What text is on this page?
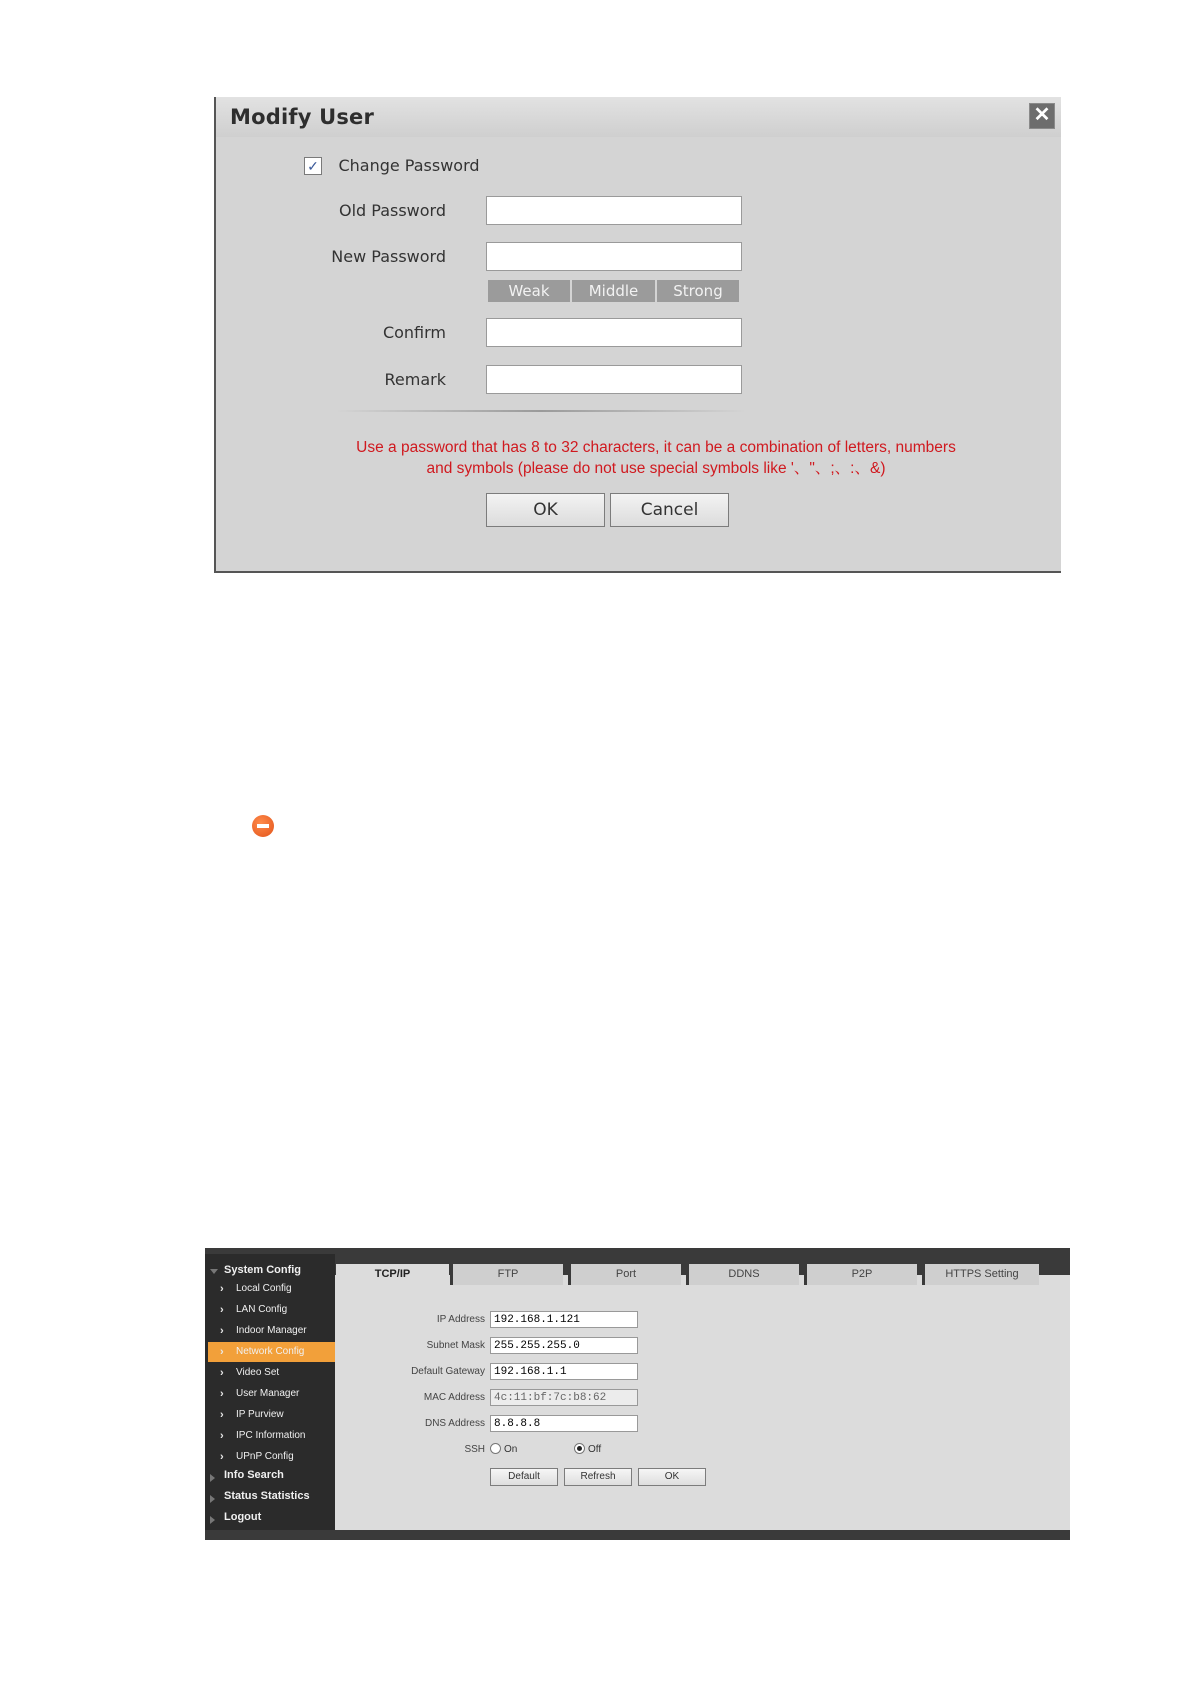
Modify User	✕
✓ Change Password
Old Password
New Password
Weak	Middle Strong
Confirm
Remark
Use a password that has 8 to 32 characters, it can be a combination of letters, numbers
and symbols (please do not use special symbols like '、"、;、:、&)
OK	Cancel
System Config
› Local Config
› LAN Config
› Indoor Manager
› Network Config
› Video Set
› User Manager
› IP Purview
› IPC Information
› UPnP Config
Info Search
Status Statistics
Logout
TCP/IP	FTP	Port	DDNS	P2P	HTTPS Setting
IP Address
192.168.1.121
Subnet Mask
255.255.255.0
Default Gateway
192.168.1.1
MAC Address
4c:11:bf:7c:b8:62
DNS Address
8.8.8.8
SSH	On	Off
Default	Refresh	OK
